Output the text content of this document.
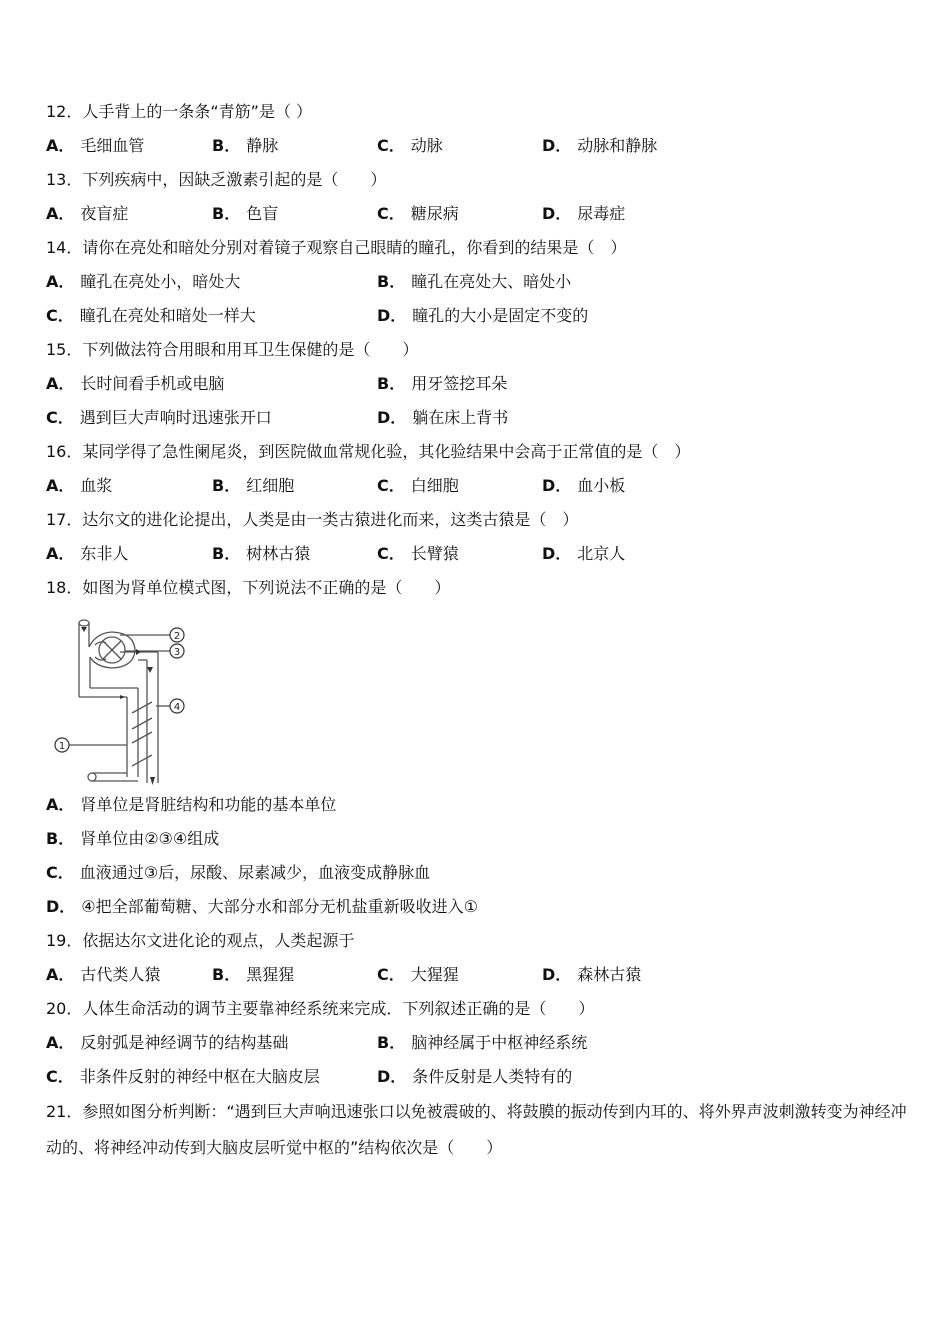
12．人手背上的一条条“青筋”是（ ）
A． 毛细血管	B． 静脉	C． 动脉	D． 动脉和静脉
13．下列疾病中，因缺乏激素引起的是（　　）
A． 夜盲症	B． 色盲	C． 糖尿病	D． 尿毒症
14．请你在亮处和暗处分别对着镜子观察自己眼睛的瞳孔，你看到的结果是（　）
A． 瞳孔在亮处小，暗处大	B． 瞳孔在亮处大、暗处小
C． 瞳孔在亮处和暗处一样大	D． 瞳孔的大小是固定不变的
15．下列做法符合用眼和用耳卫生保健的是（　　）
A． 长时间看手机或电脑	B． 用牙签挖耳朵
C． 遇到巨大声响时迅速张开口	D． 躺在床上背书
16．某同学得了急性阑尾炎，到医院做血常规化验，其化验结果中会高于正常值的是（　）
A． 血浆	B． 红细胞	C． 白细胞	D． 血小板
17．达尔文的进化论提出，人类是由一类古猿进化而来，这类古猿是（　）
A． 东非人	B． 树林古猿	C． 长臂猿	D． 北京人
18．如图为肾单位模式图，下列说法不正确的是（　　）
2
3
4
1
A． 肾单位是肾脏结构和功能的基本单位
B． 肾单位由②③④组成
C． 血液通过③后，尿酸、尿素减少，血液变成静脉血
D． ④把全部葡萄糖、大部分水和部分无机盐重新吸收进入①
19．依据达尔文进化论的观点，人类起源于
A． 古代类人猿	B． 黑猩猩	C． 大猩猩	D． 森林古猿
20．人体生命活动的调节主要靠神经系统来完成．下列叙述正确的是（　　）
A． 反射弧是神经调节的结构基础	B． 脑神经属于中枢神经系统
C． 非条件反射的神经中枢在大脑皮层	D． 条件反射是人类特有的
21．参照如图分析判断：“遇到巨大声响迅速张口以免被震破的、将鼓膜的振动传到内耳的、将外界声波刺激转变为神经冲动的、将神经冲动传到大脑皮层听觉中枢的”结构依次是（　　）
